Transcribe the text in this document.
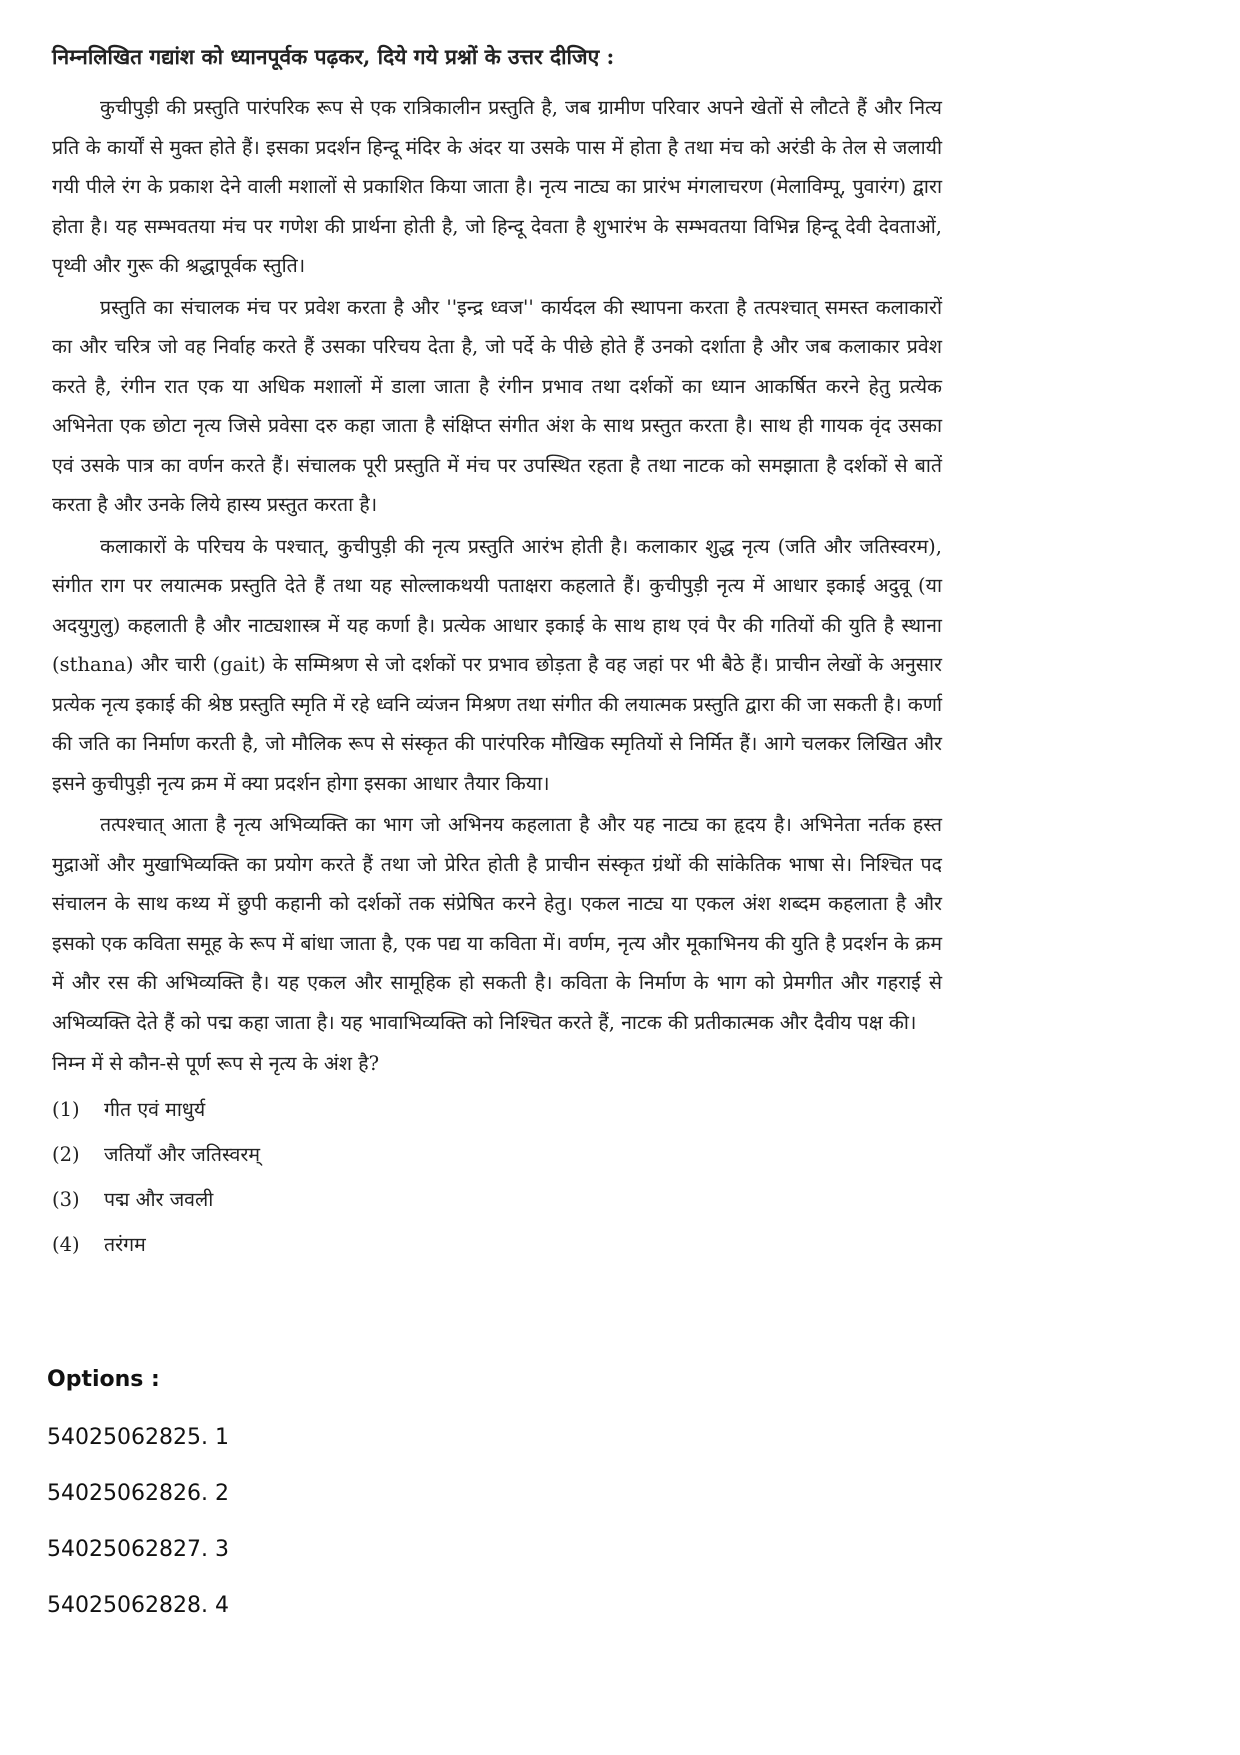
निम्नलिखित गद्यांश को ध्यानपूर्वक पढ़कर, दिये गये प्रश्नों के उत्तर दीजिए :

कुचीपुड़ी की प्रस्तुति पारंपरिक रूप से एक रात्रिकालीन प्रस्तुति है, जब ग्रामीण परिवार अपने खेतों से लौटते हैं और नित्य प्रति के कार्यों से मुक्त होते हैं। इसका प्रदर्शन हिन्दू मंदिर के अंदर या उसके पास में होता है तथा मंच को अरंडी के तेल से जलायी गयी पीले रंग के प्रकाश देने वाली मशालों से प्रकाशित किया जाता है। नृत्य नाट्य का प्रारंभ मंगलाचरण (मेलाविम्पू, पुवारंग) द्वारा होता है। यह सम्भवतया मंच पर गणेश की प्रार्थना होती है, जो हिन्दू देवता है शुभारंभ के सम्भवतया विभिन्न हिन्दू देवी देवताओं, पृथ्वी और गुरू की श्रद्धापूर्वक स्तुति।

प्रस्तुति का संचालक मंच पर प्रवेश करता है और ''इन्द्र ध्वज'' कार्यदल की स्थापना करता है तत्पश्चात् समस्त कलाकारों का और चरित्र जो वह निर्वाह करते हैं उसका परिचय देता है, जो पर्दे के पीछे होते हैं उनको दर्शाता है और जब कलाकार प्रवेश करते है, रंगीन रात एक या अधिक मशालों में डाला जाता है रंगीन प्रभाव तथा दर्शकों का ध्यान आकर्षित करने हेतु प्रत्येक अभिनेता एक छोटा नृत्य जिसे प्रवेसा दरु कहा जाता है संक्षिप्त संगीत अंश के साथ प्रस्तुत करता है। साथ ही गायक वृंद उसका एवं उसके पात्र का वर्णन करते हैं। संचालक पूरी प्रस्तुति में मंच पर उपस्थित रहता है तथा नाटक को समझाता है दर्शकों से बातें करता है और उनके लिये हास्य प्रस्तुत करता है।

कलाकारों के परिचय के पश्चात्, कुचीपुड़ी की नृत्य प्रस्तुति आरंभ होती है। कलाकार शुद्ध नृत्य (जति और जतिस्वरम), संगीत राग पर लयात्मक प्रस्तुति देते हैं तथा यह सोल्लाकथयी पताक्षरा कहलाते हैं। कुचीपुड़ी नृत्य में आधार इकाई अदुवू (या अदयुगुलु) कहलाती है और नाट्यशास्त्र में यह कर्णा है। प्रत्येक आधार इकाई के साथ हाथ एवं पैर की गतियों की युति है स्थाना (sthana) और चारी (gait) के सम्मिश्रण से जो दर्शकों पर प्रभाव छोड़ता है वह जहां पर भी बैठे हैं। प्राचीन लेखों के अनुसार प्रत्येक नृत्य इकाई की श्रेष्ठ प्रस्तुति स्मृति में रहे ध्वनि व्यंजन मिश्रण तथा संगीत की लयात्मक प्रस्तुति द्वारा की जा सकती है। कर्णा की जति का निर्माण करती है, जो मौलिक रूप से संस्कृत की पारंपरिक मौखिक स्मृतियों से निर्मित हैं। आगे चलकर लिखित और इसने कुचीपुड़ी नृत्य क्रम में क्या प्रदर्शन होगा इसका आधार तैयार किया।

तत्पश्चात् आता है नृत्य अभिव्यक्ति का भाग जो अभिनय कहलाता है और यह नाट्य का हृदय है। अभिनेता नर्तक हस्त मुद्राओं और मुखाभिव्यक्ति का प्रयोग करते हैं तथा जो प्रेरित होती है प्राचीन संस्कृत ग्रंथों की सांकेतिक भाषा से। निश्चित पद संचालन के साथ कथ्य में छुपी कहानी को दर्शकों तक संप्रेषित करने हेतु। एकल नाट्य या एकल अंश शब्दम कहलाता है और इसको एक कविता समूह के रूप में बांधा जाता है, एक पद्य या कविता में। वर्णम, नृत्य और मूकाभिनय की युति है प्रदर्शन के क्रम में और रस की अभिव्यक्ति है। यह एकल और सामूहिक हो सकती है। कविता के निर्माण के भाग को प्रेमगीत और गहराई से अभिव्यक्ति देते हैं को पद्म कहा जाता है। यह भावाभिव्यक्ति को निश्चित करते हैं, नाटक की प्रतीकात्मक और दैवीय पक्ष की।

निम्न में से कौन-से पूर्ण रूप से नृत्य के अंश है?

(1)	गीत एवं माधुर्य
(2)	जतियाँ और जतिस्वरम्
(3)	पद्म और जवली
(4)	तरंगम
Options :
54025062825. 1
54025062826. 2
54025062827. 3
54025062828. 4
